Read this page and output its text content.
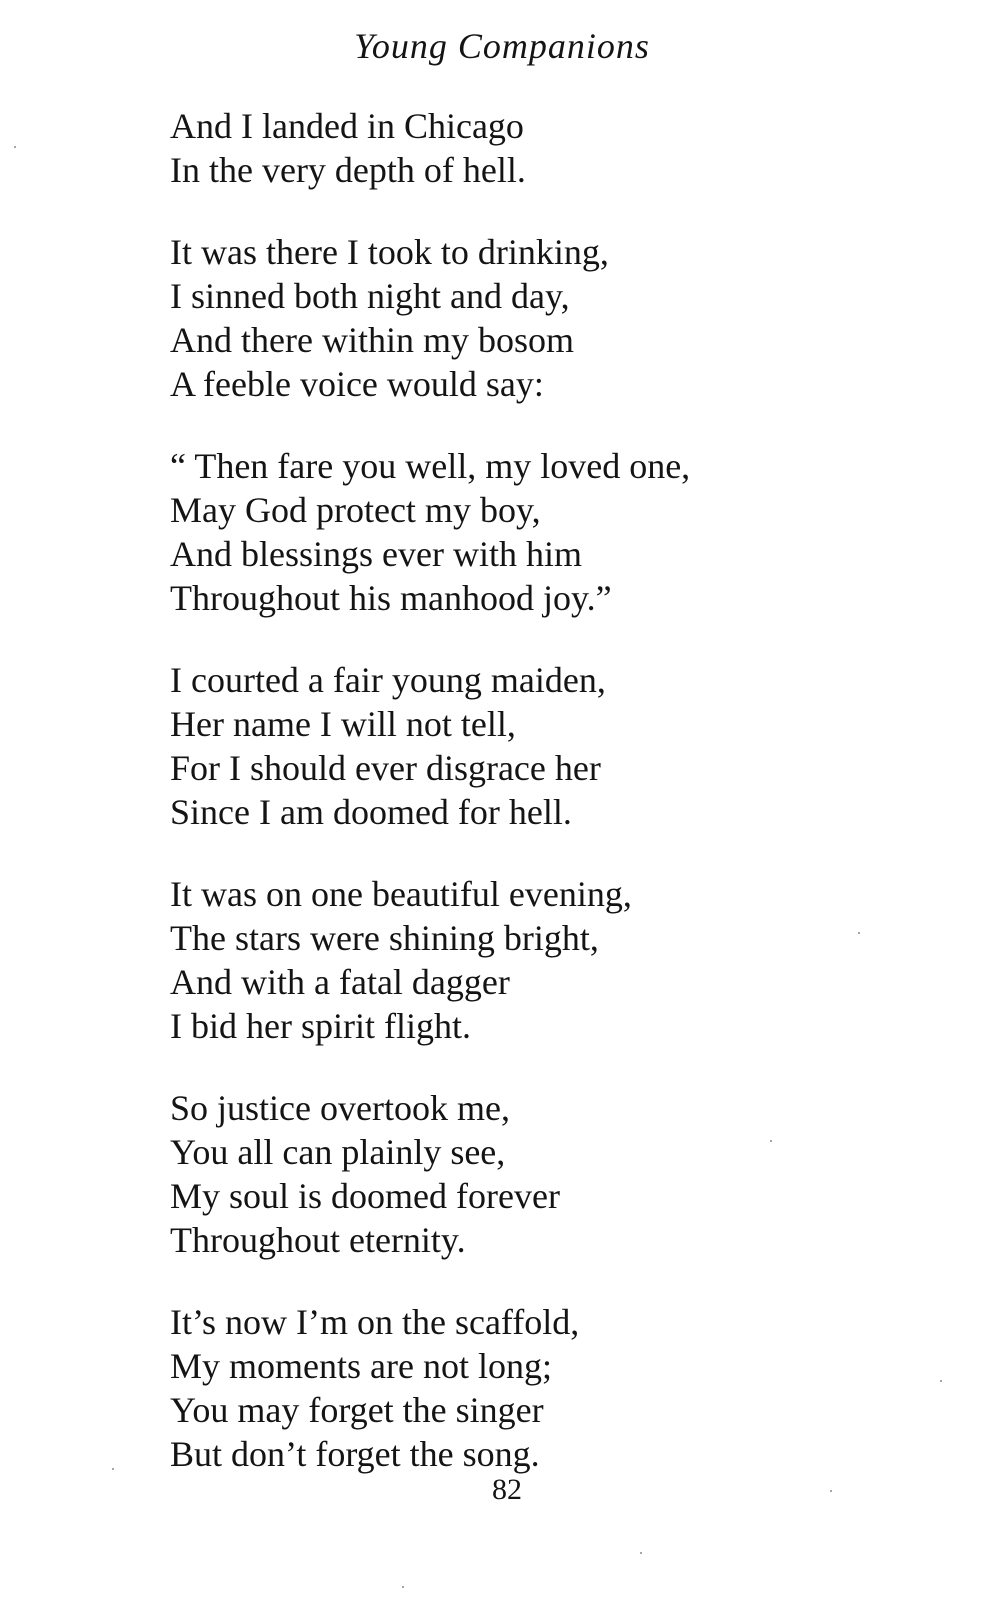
Young Companions
And I landed in Chicago
In the very depth of hell.
It was there I took to drinking,
I sinned both night and day,
And there within my bosom
A feeble voice would say:
“ Then fare you well, my loved one,
May God protect my boy,
And blessings ever with him
Throughout his manhood joy.”
I courted a fair young maiden,
Her name I will not tell,
For I should ever disgrace her
Since I am doomed for hell.
It was on one beautiful evening,
The stars were shining bright,
And with a fatal dagger
I bid her spirit flight.
So justice overtook me,
You all can plainly see,
My soul is doomed forever
Throughout eternity.
It’s now I’m on the scaffold,
My moments are not long;
You may forget the singer
But don’t forget the song.
82
